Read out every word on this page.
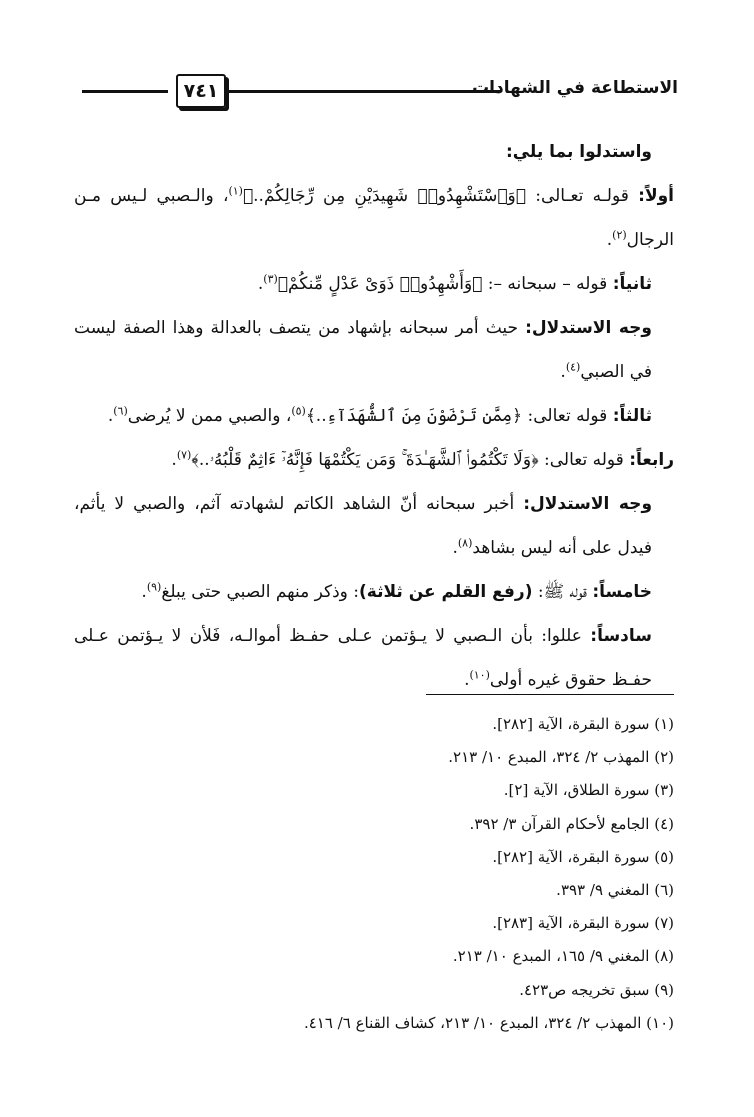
٧٤١	الاستطاعة في الشهادات

واستدلوا بما يلي:

أولاً: قولـه تعـالى: ﴿وَٱسْتَشْهِدُوا۟ شَهِيدَيْنِ مِن رِّجَالِكُمْ..﴾$^{(١)}$، والـصبي لـيس مـن الرجال$^{(٢)}$.

ثانياً: قوله – سبحانه –: ﴿وَأَشْهِدُوا۟ ذَوَىْ عَدْلٍ مِّنكُمْ﴾$^{(٣)}$.

وجه الاستدلال: حيث أمر سبحانه بإشهاد من يتصف بالعدالة وهذا الصفة ليست في الصبي$^{(٤)}$.

ثالثاً: قوله تعالى: ﴿مِمَّن تَرْضَوْنَ مِنَ ٱلشُّهَدَآءِ..﴾$^{(٥)}$، والصبي ممن لا يُرضى$^{(٦)}$.

رابعاً: قوله تعالى: ﴿وَلَا تَكْتُمُوا۟ ٱلشَّهَـٰدَةَ ۚ وَمَن يَكْتُمْهَا فَإِنَّهُۥٓ ءَاثِمٌ قَلْبُهُۥ..﴾$^{(٧)}$.

وجه الاستدلال: أخبر سبحانه أنّ الشاهد الكاتم لشهادته آثم، والصبي لا يأثم، فيدل على أنه ليس بشاهد$^{(٨)}$.

خامساً: قوله ﷺ: (رفع القلم عن ثلاثة): وذكر منهم الصبي حتى يبلغ$^{(٩)}$.

سادساً: عللوا: بأن الـصبي لا يـؤتمن عـلى حفـظ أموالـه، فَلأن لا يـؤتمن عـلى حفـظ حقوق غيره أولى$^{(١٠)}$.

(١) سورة البقرة، الآية [٢٨٢].
(٢) المهذب ٢/ ٣٢٤، المبدع ١٠/ ٢١٣.
(٣) سورة الطلاق، الآية [٢].
(٤) الجامع لأحكام القرآن ٣/ ٣٩٢.
(٥) سورة البقرة، الآية [٢٨٢].
(٦) المغني ٩/ ٣٩٣.
(٧) سورة البقرة، الآية [٢٨٣].
(٨) المغني ٩/ ١٦٥، المبدع ١٠/ ٢١٣.
(٩) سبق تخريجه ص٤٢٣.
(١٠) المهذب ٢/ ٣٢٤، المبدع ١٠/ ٢١٣، كشاف القناع ٦/ ٤١٦.
